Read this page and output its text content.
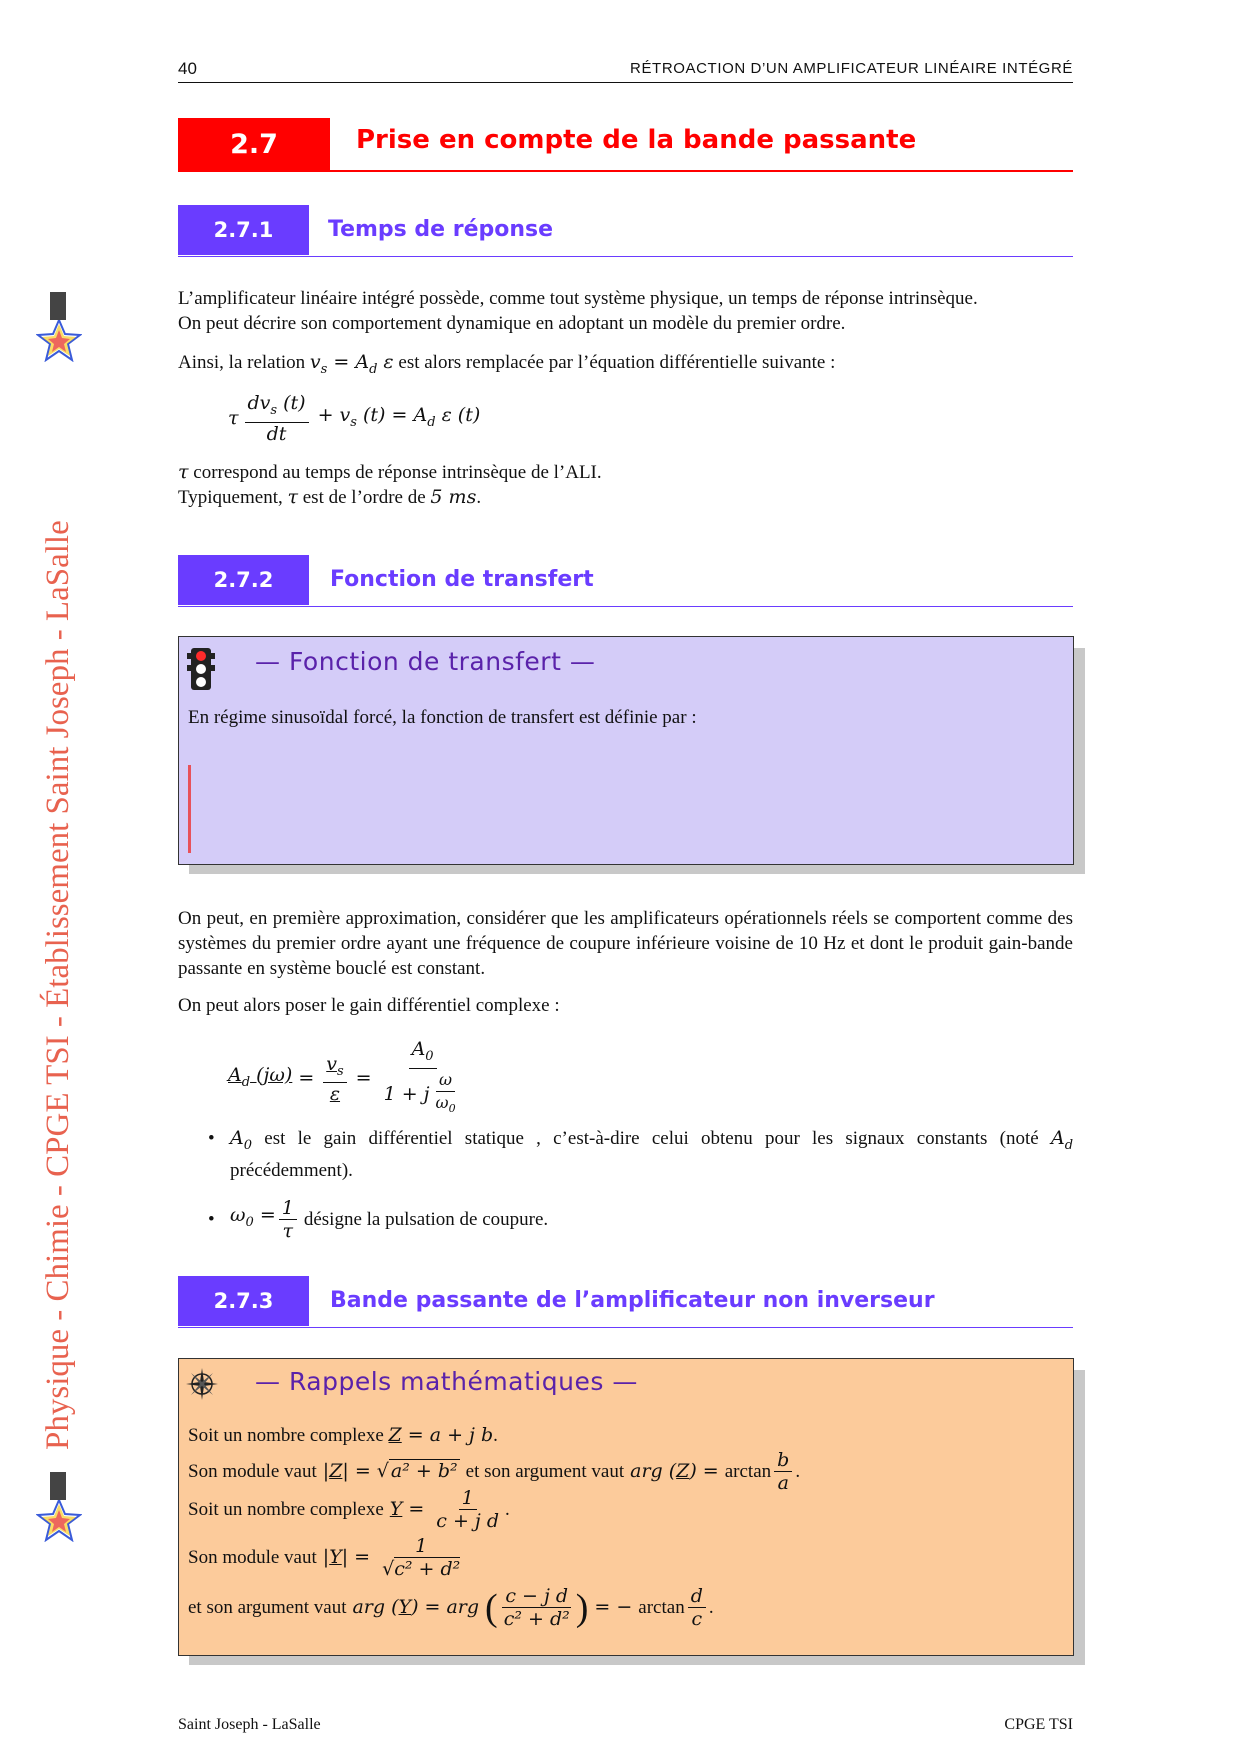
40	RÉTROACTION D’UN AMPLIFICATEUR LINÉAIRE INTÉGRÉ
Physique - Chimie - CPGE TSI - Établissement Saint Joseph - LaSalle
2.7	Prise en compte de la bande passante
2.7.1	Temps de réponse
L’amplificateur linéaire intégré possède, comme tout système physique, un temps de réponse intrinsèque.
On peut décrire son comportement dynamique en adoptant un modèle du premier ordre.
Ainsi, la relation $v_s = A_d$ ε est alors remplacée par l’équation différentielle suivante :
τ $\frac{dv_s (t)}{dt} + v_s$ $(t) = A_d$ ε (t)
τ correspond au temps de réponse intrinsèque de l’ALI.
Typiquement, τ est de l’ordre de 5 ms.
2.7.2	Fonction de transfert
— Fonction de transfert —
En régime sinusoïdal forcé, la fonction de transfert est définie par :
On peut, en première approximation, considérer que les amplificateurs opérationnels réels se comportent comme des systèmes du premier ordre ayant une fréquence de coupure inférieure voisine de 10 Hz et dont le produit gain-bande passante en système bouclé est constant.
On peut alors poser le gain différentiel complexe :
$A_d$ $(j\omega) = \frac{v_s}{\varepsilon} = \frac{A_0}{1 + j \frac{\omega}{\omega_0}}$
• $A_0$ est le gain différentiel statique , c’est-à-dire celui obtenu pour les signaux constants (noté $A_d$ précédemment).
• $\omega_0 = \frac{1}{\tau}$ désigne la pulsation de coupure.
2.7.3	Bande passante de l’amplificateur non inverseur
— Rappels mathématiques —
Soit un nombre complexe Z = a + j b.
Son module vaut |Z| = √ a² + b² et son argument vaut arg $(Z) = \arctan \frac{b}{a}$ .
Soit un nombre complexe $Y = \frac{1}{\text{c + j d}}$ .
Son module vaut $|Y| = \frac{1}{\text{√c² + d²}}$
et son argument vaut arg (Y) = arg ( $\frac{\text{c − j d}}{\text{c² + d²}}$ ) = − $\arctan \frac{d}{c}$ .
Saint Joseph - LaSalle	CPGE TSI
